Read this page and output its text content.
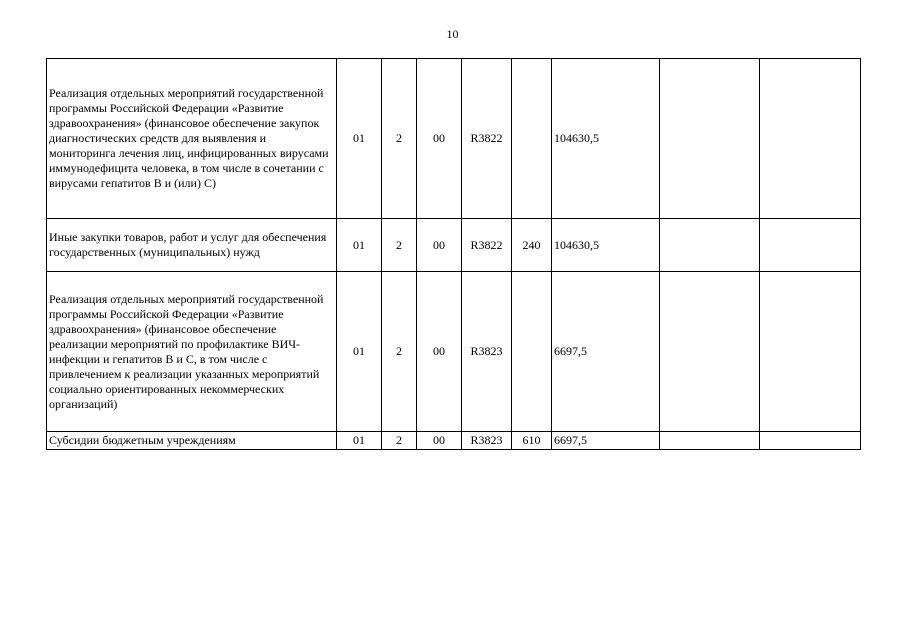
10
Реализация отдельных мероприятий государственной программы Российской Федерации «Развитие здравоохранения» (финансовое обеспечение закупок диагностических средств для выявления и мониторинга лечения лиц, инфицированных вирусами иммунодефицита человека, в том числе в сочетании с вирусами гепатитов В и (или) С)	01	2	00	R3822		104630,5		
Иные закупки товаров, работ и услуг для обеспечения государственных (муниципальных) нужд	01	2	00	R3822	240	104630,5		
Реализация отдельных мероприятий государственной программы Российской Федерации «Развитие здравоохранения» (финансовое обеспечение реализации мероприятий по профилактике ВИЧ-инфекции и гепатитов В и С, в том числе с привлечением к реализации указанных мероприятий социально ориентированных некоммерческих организаций)	01	2	00	R3823		6697,5		
Субсидии бюджетным учреждениям	01	2	00	R3823	610	6697,5		
